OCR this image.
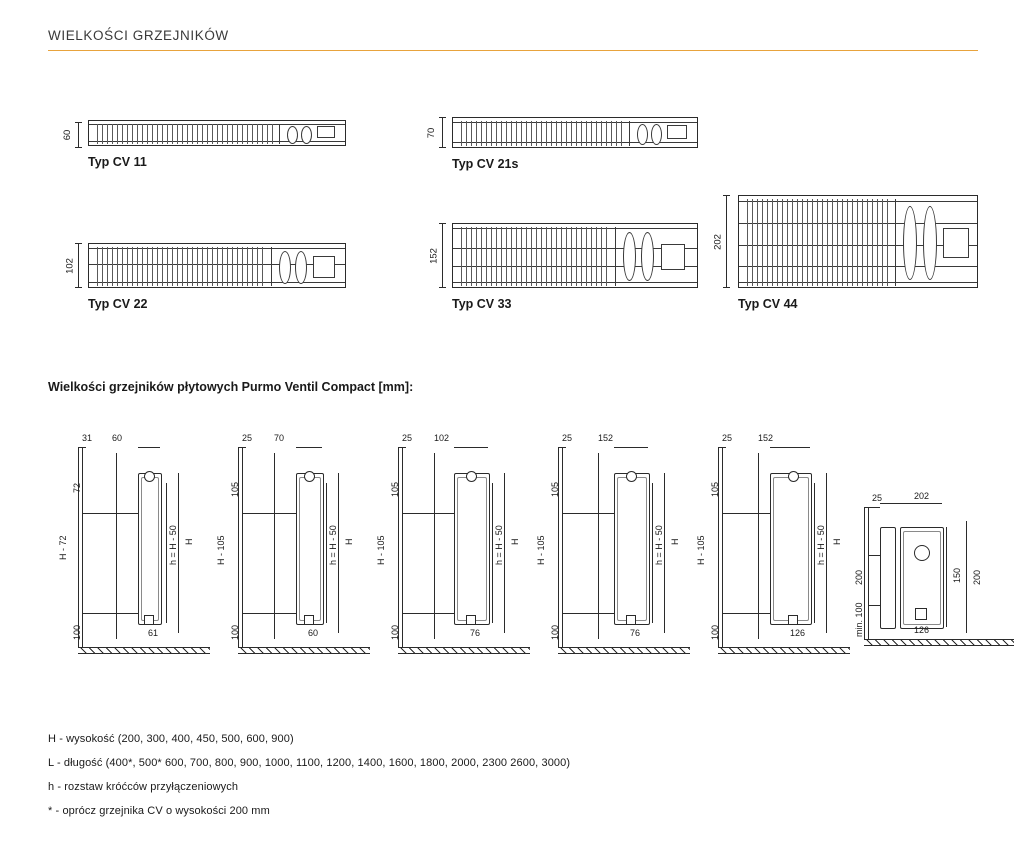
WIELKOŚCI GRZEJNIKÓW
60
Typ CV 11
70
Typ CV 21s
102
Typ CV 22
152
Typ CV 33
202
Typ CV 44
Wielkości grzejników płytowych Purmo Ventil Compact [mm]:
31 60
72
H - 72
100
h = H - 50 H
61
25 70
105
H - 105
100
h = H - 50 H
60
25 102
105
H - 105
100
h = H - 50 H
76
25	152
105
H - 105
100
h = H - 50 H
76
25	152
105
H - 105
100
h = H - 50 H
126
25	202
200
min. 100
150 200
126
H - wysokość (200, 300, 400, 450, 500, 600, 900)
L - długość (400*, 500* 600, 700, 800, 900, 1000, 1100, 1200, 1400, 1600, 1800, 2000, 2300 2600, 3000)
h - rozstaw króćców przyłączeniowych
* - oprócz grzejnika CV o wysokości 200 mm
